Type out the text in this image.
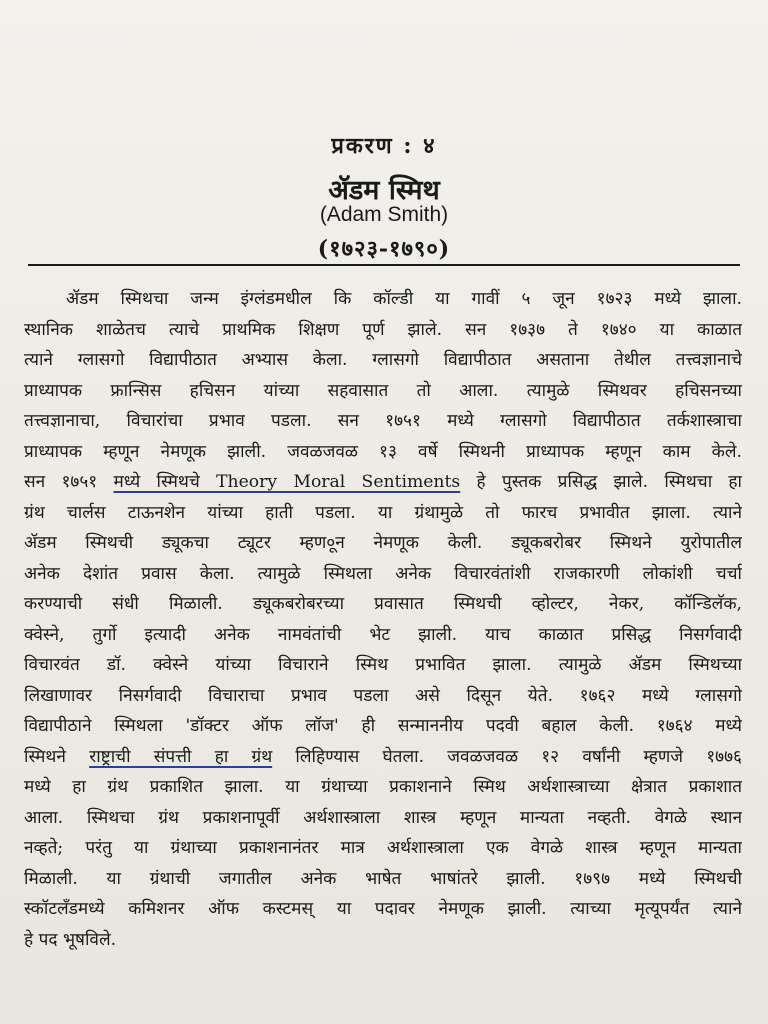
प्रकरण : ४
ॲडम स्मिथ
(Adam Smith)
(१७२३-१७९०)
ॲडम स्मिथचा जन्म इंग्लंडमधील कि कॉल्डी या गावीं ५ जून १७२३ मध्ये झाला.
स्थानिक शाळेतच त्याचे प्राथमिक शिक्षण पूर्ण झाले. सन १७३७ ते १७४० या काळात
त्याने ग्लासगो विद्यापीठात अभ्यास केला. ग्लासगो विद्यापीठात असताना तेथील तत्त्वज्ञानाचे
प्राध्यापक फ्रान्सिस हचिसन यांच्या सहवासात तो आला. त्यामुळे स्मिथवर हचिसनच्या
तत्त्वज्ञानाचा, विचारांचा प्रभाव पडला. सन १७५१ मध्ये ग्लासगो विद्यापीठात तर्कशास्त्राचा
प्राध्यापक म्हणून नेमणूक झाली. जवळजवळ १३ वर्षे स्मिथनी प्राध्यापक म्हणून काम केले.
सन १७५१ मध्ये स्मिथचे Theory Moral Sentiments हे पुस्तक प्रसिद्ध झाले. स्मिथचा हा
ग्रंथ चार्लस टाऊनशेन यांच्या हाती पडला. या ग्रंथामुळे तो फारच प्रभावीत झाला. त्याने
ॲडम स्मिथची ड्यूकचा ट्यूटर म्हण०ून नेमणूक केली. ड्यूकबरोबर स्मिथने युरोपातील
अनेक देशांत प्रवास केला. त्यामुळे स्मिथला अनेक विचारवंतांशी राजकारणी लोकांशी चर्चा
करण्याची संधी मिळाली. ड्यूकबरोबरच्या प्रवासात स्मिथची व्होल्टर, नेकर, कॉन्डिलॅक,
क्वेस्ने, तुर्गो इत्यादी अनेक नामवंतांची भेट झाली. याच काळात प्रसिद्ध निसर्गवादी
विचारवंत डॉ. क्वेस्ने यांच्या विचाराने स्मिथ प्रभावित झाला. त्यामुळे ॲडम स्मिथच्या
लिखाणावर निसर्गवादी विचाराचा प्रभाव पडला असे दिसून येते. १७६२ मध्ये ग्लासगो
विद्यापीठाने स्मिथला 'डॉक्टर ऑफ लॉज' ही सन्माननीय पदवी बहाल केली. १७६४ मध्ये
स्मिथने राष्ट्राची संपत्ती हा ग्रंथ लिहिण्यास घेतला. जवळजवळ १२ वर्षांनी म्हणजे १७७६
मध्ये हा ग्रंथ प्रकाशित झाला. या ग्रंथाच्या प्रकाशनाने स्मिथ अर्थशास्त्राच्या क्षेत्रात प्रकाशात
आला. स्मिथचा ग्रंथ प्रकाशनापूर्वी अर्थशास्त्राला शास्त्र म्हणून मान्यता नव्हती. वेगळे स्थान
नव्हते; परंतु या ग्रंथाच्या प्रकाशनानंतर मात्र अर्थशास्त्राला एक वेगळे शास्त्र म्हणून मान्यता
मिळाली. या ग्रंथाची जगातील अनेक भाषेत भाषांतरे झाली. १७९७ मध्ये स्मिथची
स्कॉटलँडमध्ये कमिशनर ऑफ कस्टमस् या पदावर नेमणूक झाली. त्याच्या मृत्यूपर्यंत त्याने
हे पद भूषविले.
